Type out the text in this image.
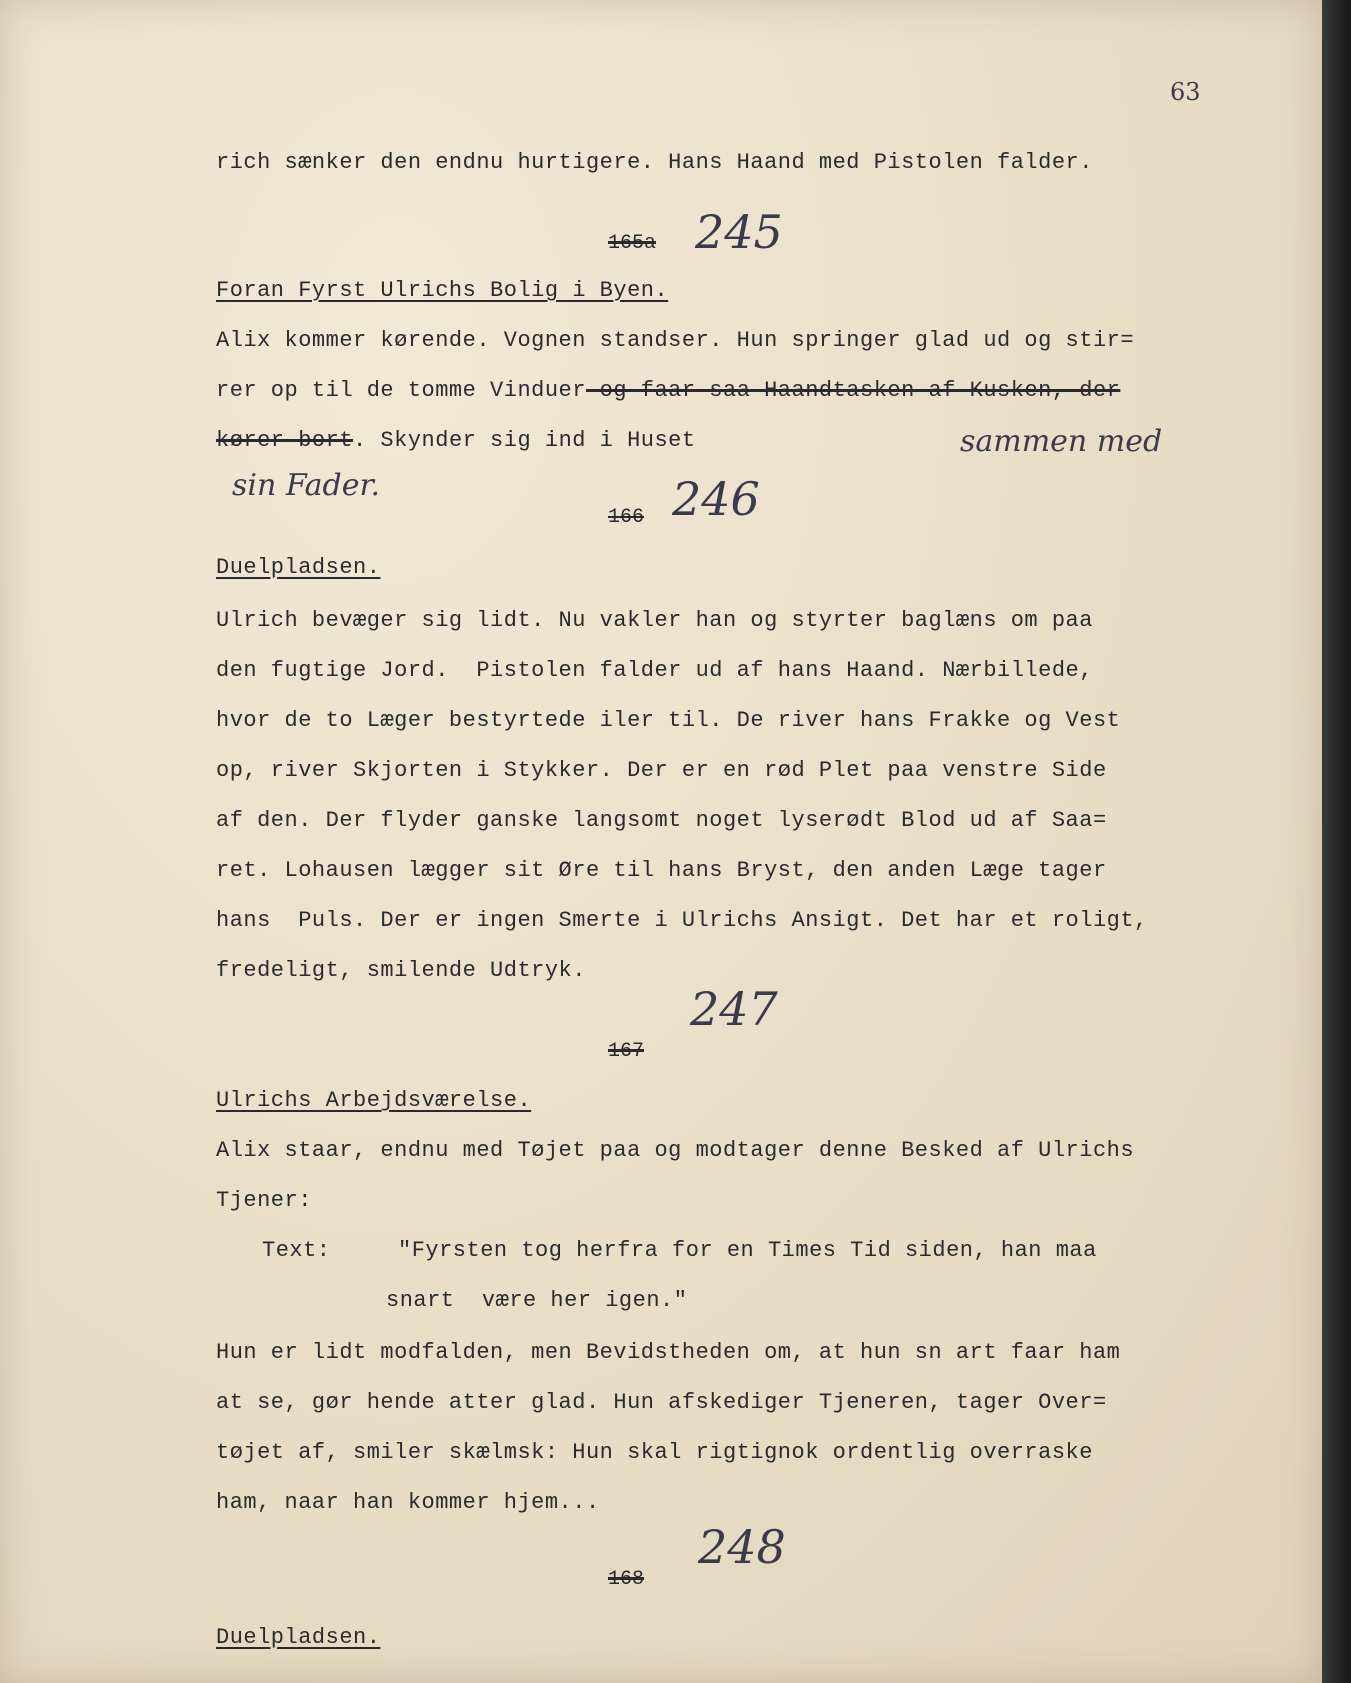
63
rich sænker den endnu hurtigere. Hans Haand med Pistolen falder.
165a 245
Foran Fyrst Ulrichs Bolig i Byen.
Alix kommer kørende. Vognen standser. Hun springer glad ud og stir=
rer op til de tomme Vinduer og faar saa Haandtasken af Kusken, der
kører bort. Skynder sig ind i Huset	sammen med
sin Fader.
166 246
Duelpladsen.
Ulrich bevæger sig lidt. Nu vakler han og styrter baglæns om paa
den fugtige Jord.  Pistolen falder ud af hans Haand. Nærbillede,
hvor de to Læger bestyrtede iler til. De river hans Frakke og Vest
op, river Skjorten i Stykker. Der er en rød Plet paa venstre Side
af den. Der flyder ganske langsomt noget lyserødt Blod ud af Saa=
ret. Lohausen lægger sit Øre til hans Bryst, den anden Læge tager
hans  Puls. Der er ingen Smerte i Ulrichs Ansigt. Det har et roligt,
fredeligt, smilende Udtryk.
167
247
Ulrichs Arbejdsværelse.
Alix staar, endnu med Tøjet paa og modtager denne Besked af Ulrichs
Tjener:
Text:	"Fyrsten tog herfra for en Times Tid siden, han maa
snart  være her igen."
Hun er lidt modfalden, men Bevidstheden om, at hun sn art faar ham
at se, gør hende atter glad. Hun afskediger Tjeneren, tager Over=
tøjet af, smiler skælmsk: Hun skal rigtignok ordentlig overraske
ham, naar han kommer hjem...
168
248
Duelpladsen.
